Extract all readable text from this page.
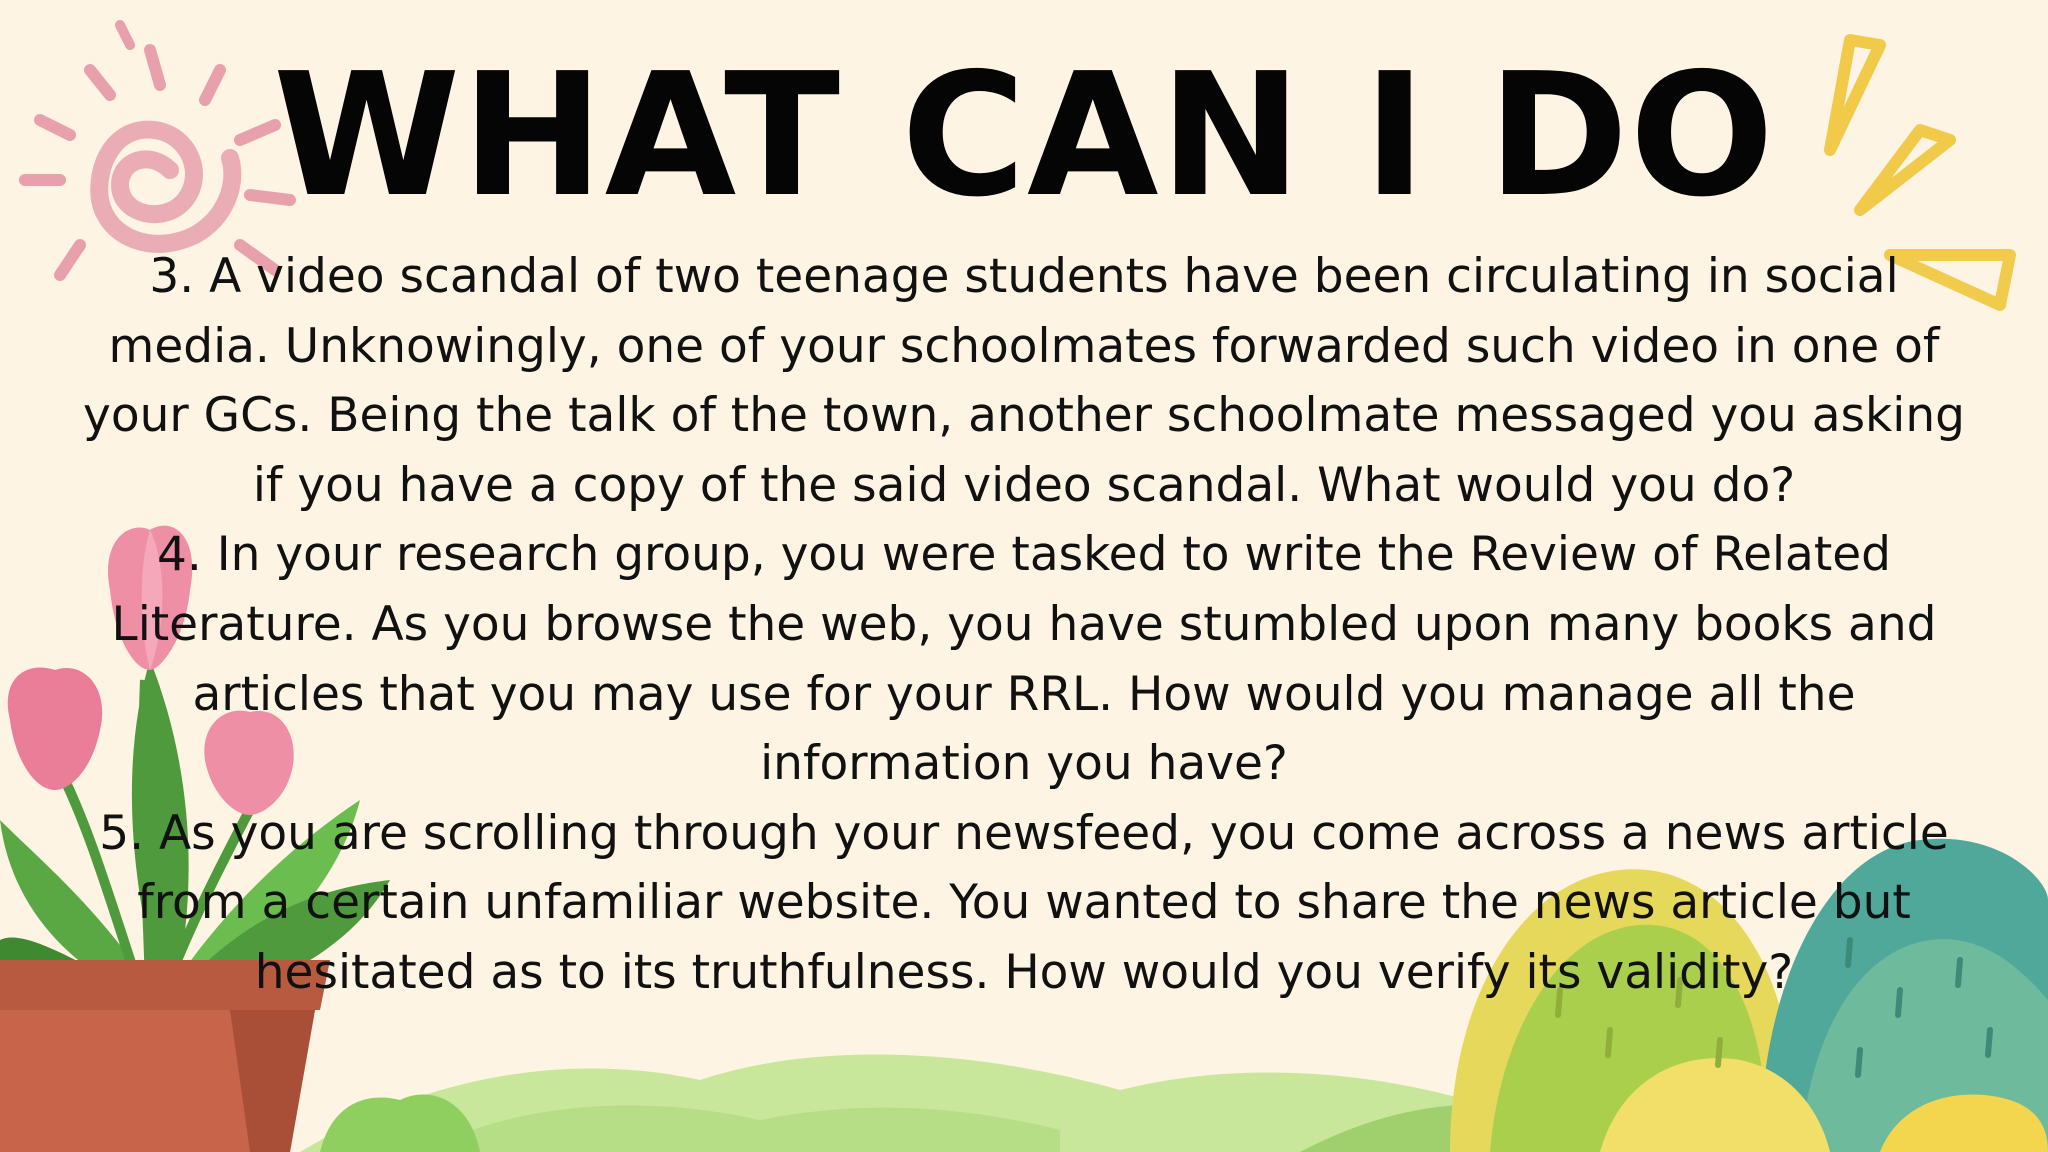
WHAT CAN I DO

3. A video scandal of two teenage students have been circulating in social media. Unknowingly, one of your schoolmates forwarded such video in one of your GCs. Being the talk of the town, another schoolmate messaged you asking if you have a copy of the said video scandal. What would you do?

4. In your research group, you were tasked to write the Review of Related Literature. As you browse the web, you have stumbled upon many books and articles that you may use for your RRL. How would you manage all the information you have?

5. As you are scrolling through your newsfeed, you come across a news article from a certain unfamiliar website. You wanted to share the news article but hesitated as to its truthfulness. How would you verify its validity?
